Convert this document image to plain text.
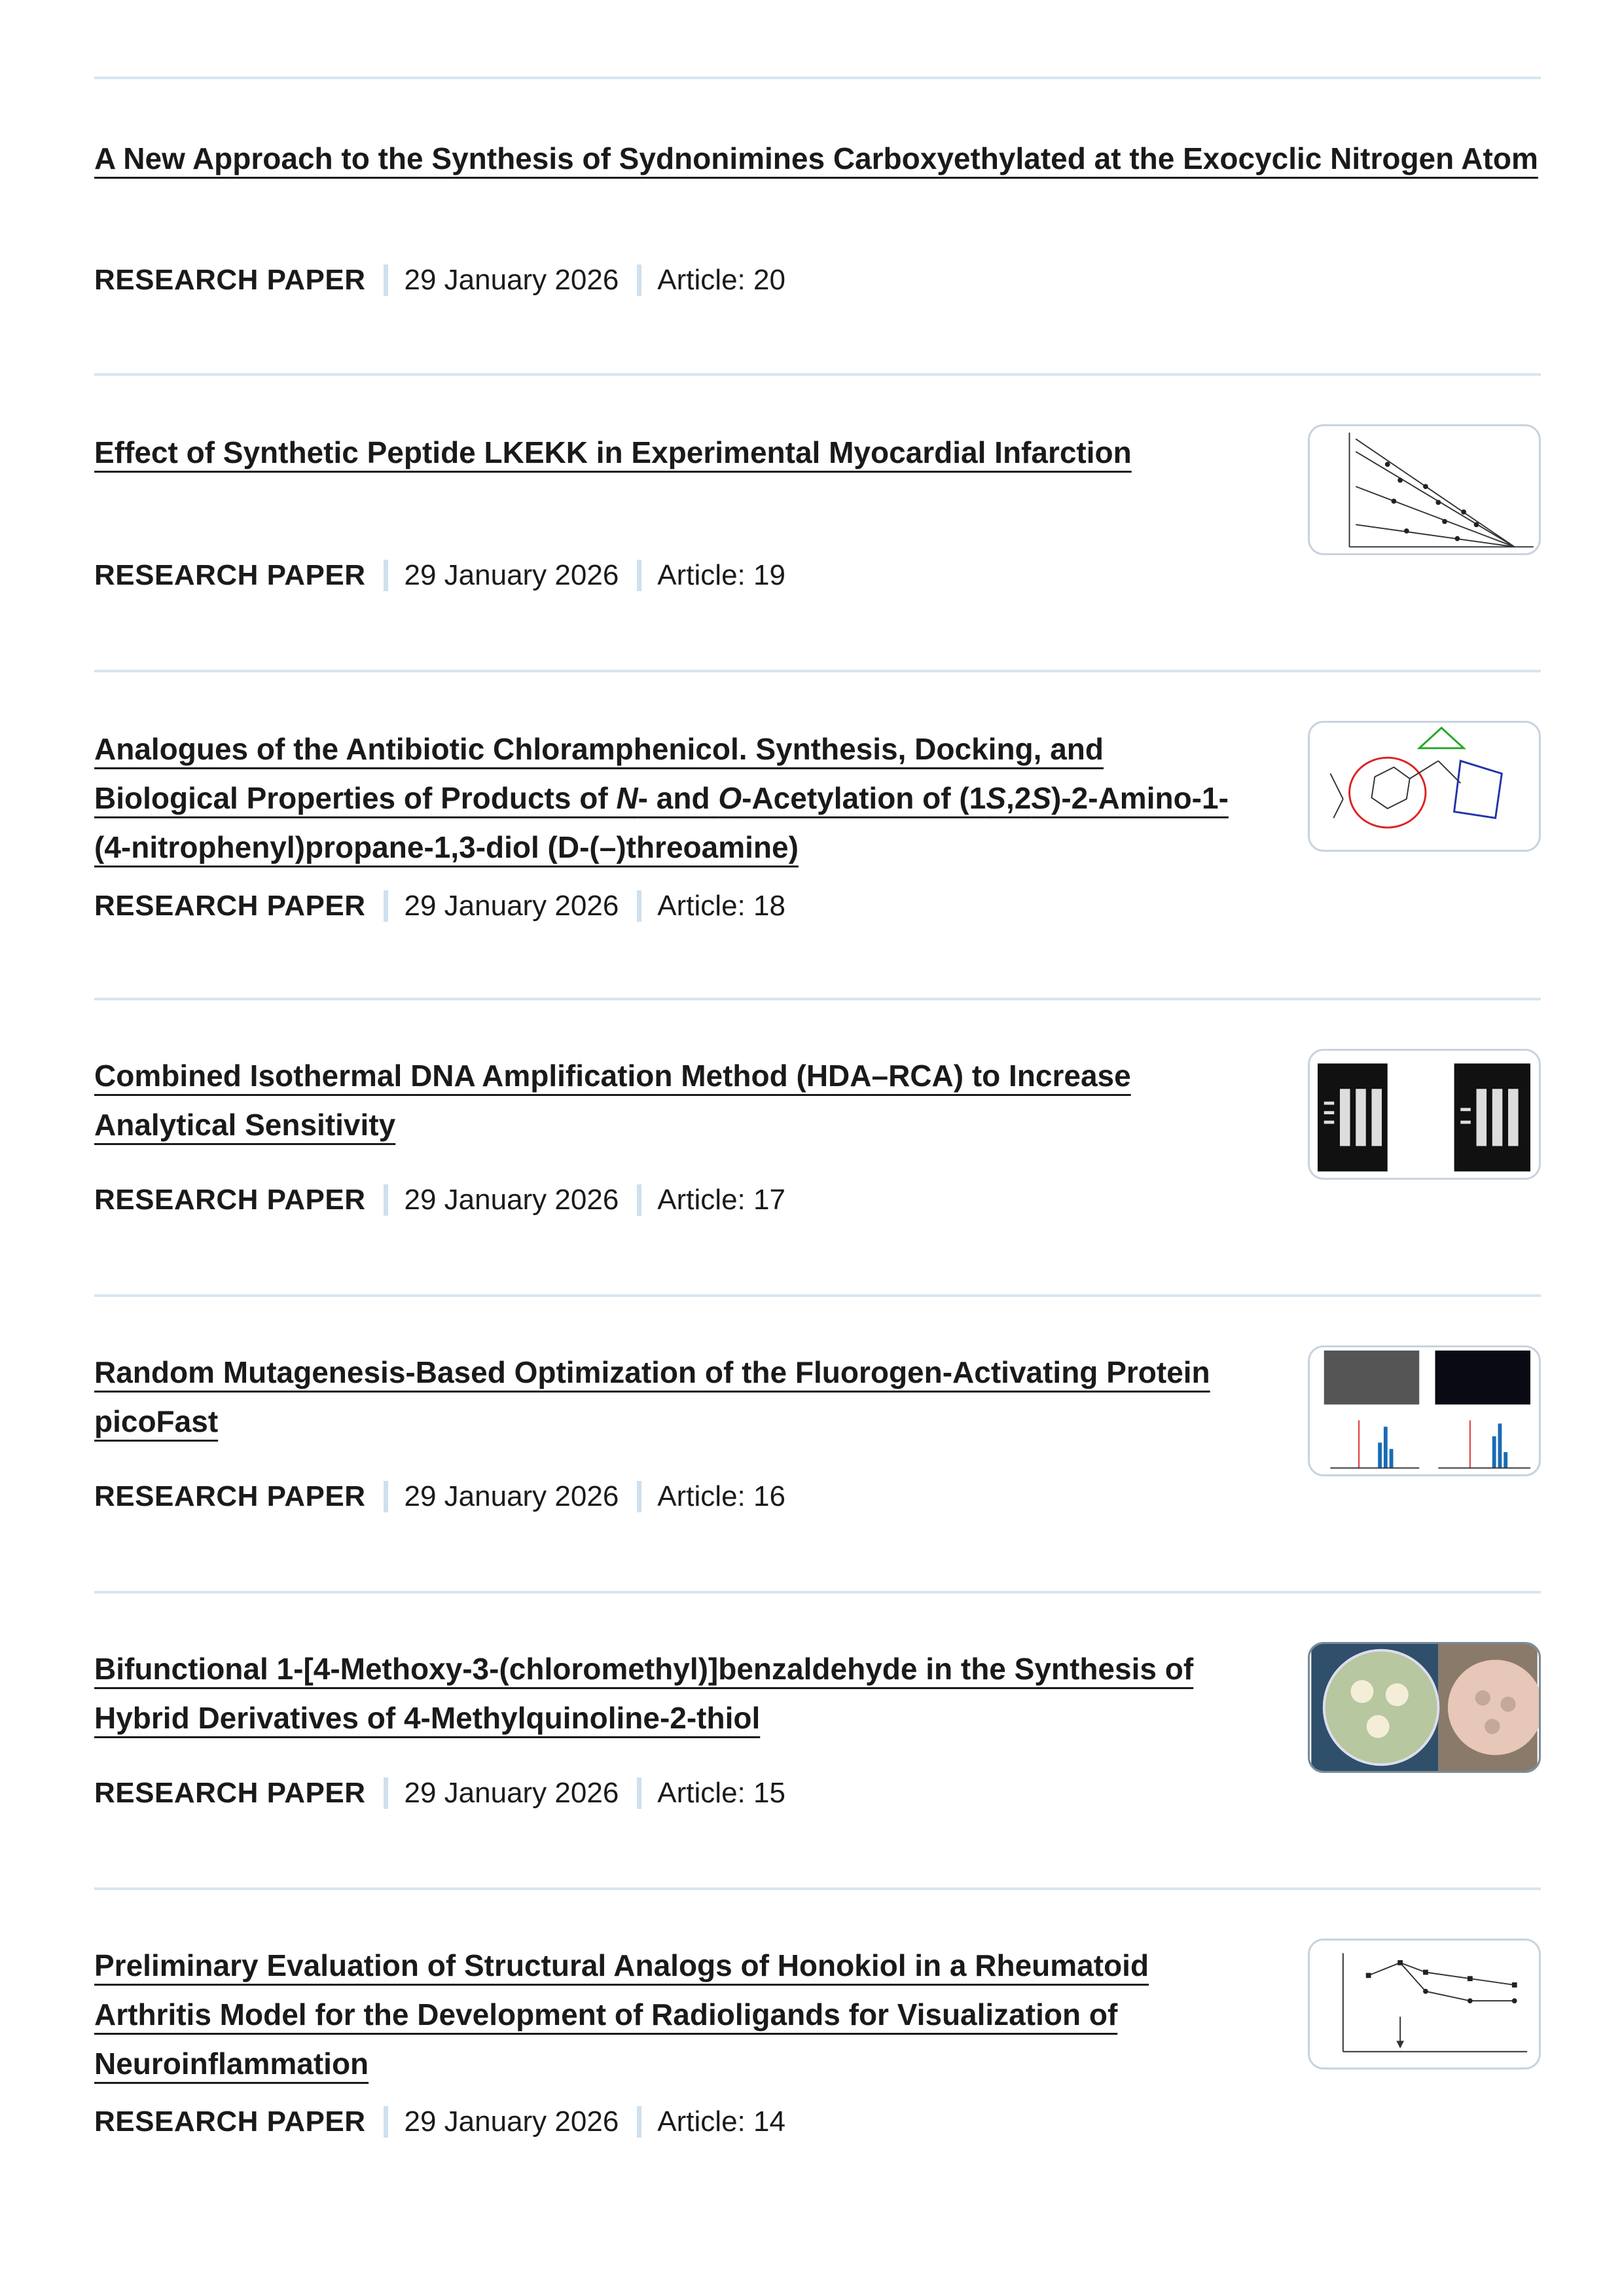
A New Approach to the Synthesis of Sydnonimines Carboxyethylated at the Exocyclic Nitrogen Atom
RESEARCH PAPER 29 January 2026 Article: 20
Effect of Synthetic Peptide LKEKK in Experimental Myocardial Infarction
RESEARCH PAPER 29 January 2026 Article: 19
Analogues of the Antibiotic Chloramphenicol. Synthesis, Docking, and Biological Properties of Products of N- and O-Acetylation of (1S,2S)-2-Amino-1-(4-nitrophenyl)propane-1,3-diol (D-(–)threoamine)
RESEARCH PAPER 29 January 2026 Article: 18
Combined Isothermal DNA Amplification Method (HDA–RCA) to Increase Analytical Sensitivity
RESEARCH PAPER 29 January 2026 Article: 17
Random Mutagenesis-Based Optimization of the Fluorogen-Activating Protein picoFast
RESEARCH PAPER 29 January 2026 Article: 16
Bifunctional 1-[4-Methoxy-3-(chloromethyl)]benzaldehyde in the Synthesis of Hybrid Derivatives of 4-Methylquinoline-2-thiol
RESEARCH PAPER 29 January 2026 Article: 15
Preliminary Evaluation of Structural Analogs of Honokiol in a Rheumatoid Arthritis Model for the Development of Radioligands for Visualization of Neuroinflammation
RESEARCH PAPER 29 January 2026 Article: 14
